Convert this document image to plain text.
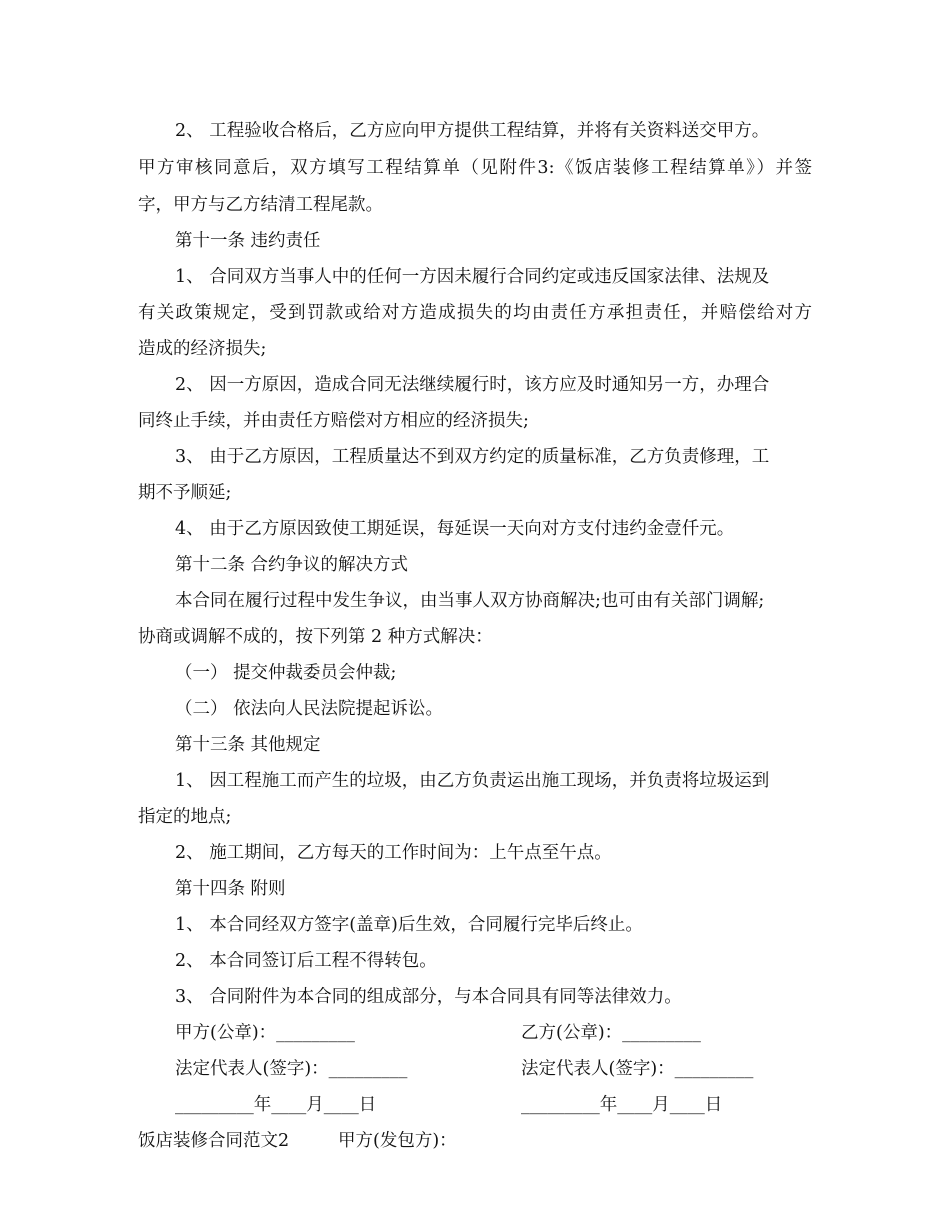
2、 工程验收合格后，乙方应向甲方提供工程结算，并将有关资料送交甲方。
甲方审核同意后，双方填写工程结算单（见附件3:《饭店装修工程结算单》）并签
字，甲方与乙方结清工程尾款。
第十一条 违约责任
1、 合同双方当事人中的任何一方因未履行合同约定或违反国家法律、法规及
有关政策规定，受到罚款或给对方造成损失的均由责任方承担责任，并赔偿给对方
造成的经济损失;
2、 因一方原因，造成合同无法继续履行时，该方应及时通知另一方，办理合
同终止手续，并由责任方赔偿对方相应的经济损失;
3、 由于乙方原因，工程质量达不到双方约定的质量标准，乙方负责修理，工
期不予顺延;
4、 由于乙方原因致使工期延误，每延误一天向对方支付违约金壹仟元。
第十二条 合约争议的解决方式
本合同在履行过程中发生争议，由当事人双方协商解决;也可由有关部门调解;
协商或调解不成的，按下列第 2 种方式解决：
（一） 提交仲裁委员会仲裁;
（二） 依法向人民法院提起诉讼。
第十三条 其他规定
1、 因工程施工而产生的垃圾，由乙方负责运出施工现场，并负责将垃圾运到
指定的地点;
2、 施工期间，乙方每天的工作时间为：上午点至午点。
第十四条 附则
1、 本合同经双方签字(盖章)后生效，合同履行完毕后终止。
2、 本合同签订后工程不得转包。
3、 合同附件为本合同的组成部分，与本合同具有同等法律效力。
甲方(公章)：_________	乙方(公章)：_________
法定代表人(签字)：_________	法定代表人(签字)：_________
_________年____月____日	_________年____月____日
饭店装修合同范文2	甲方(发包方)：
